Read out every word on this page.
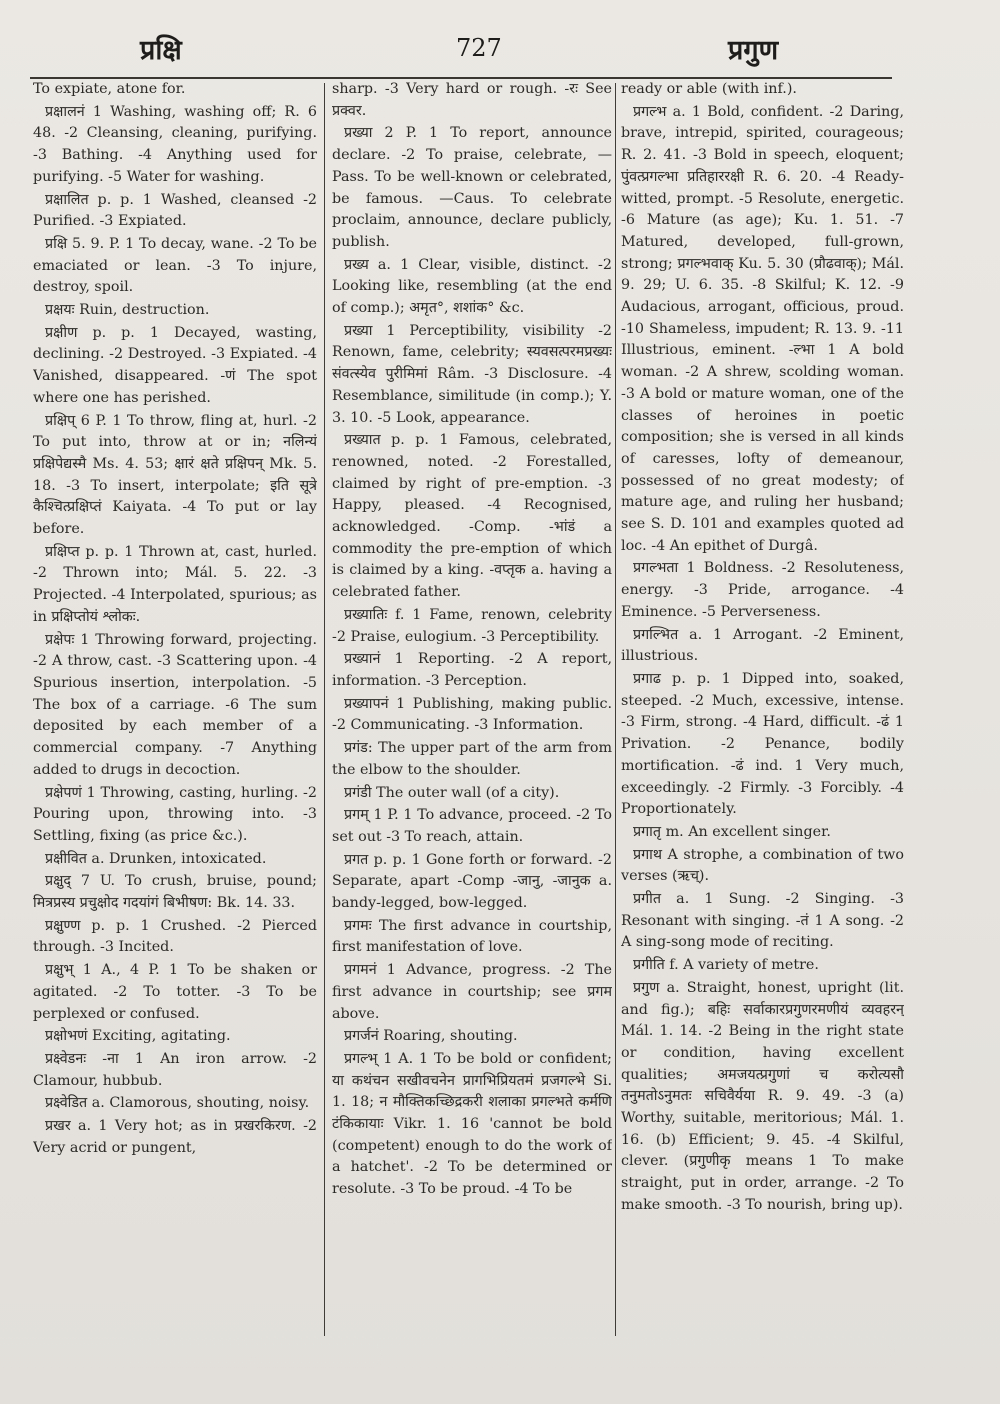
प्रक्षि	727	प्रगुण

To expiate, atone for.

प्रक्षालनं 1 Washing, washing off; R. 6 48. -2 Cleansing, cleaning, purifying. -3 Bathing. -4 Anything used for purifying. -5 Water for washing.

प्रक्षालित p. p. 1 Washed, cleansed -2 Purified. -3 Expiated.

प्रक्षि 5. 9. P. 1 To decay, wane. -2 To be emaciated or lean. -3 To injure, destroy, spoil.

प्रक्षयः Ruin, destruction.

प्रक्षीण p. p. 1 Decayed, wasting, declining. -2 Destroyed. -3 Expiated. -4 Vanished, disappeared. -णं The spot where one has perished.

प्रक्षिप् 6 P. 1 To throw, fling at, hurl. -2 To put into, throw at or in; नलिन्यं प्रक्षिपेद्यस्मै Ms. 4. 53; क्षारं क्षते प्रक्षिपन् Mk. 5. 18. -3 To insert, interpolate; इति सूत्रे कैश्चित्प्रक्षिप्तं Kaiyata. -4 To put or lay before.

प्रक्षिप्त p. p. 1 Thrown at, cast, hurled. -2 Thrown into; Mál. 5. 22. -3 Projected. -4 Interpolated, spurious; as in प्रक्षिप्तोयं श्लोकः.

प्रक्षेपः 1 Throwing forward, projecting. -2 A throw, cast. -3 Scattering upon. -4 Spurious insertion, interpolation. -5 The box of a carriage. -6 The sum deposited by each member of a commercial company. -7 Anything added to drugs in decoction.

प्रक्षेपणं 1 Throwing, casting, hurling. -2 Pouring upon, throwing into. -3 Settling, fixing (as price &c.).

प्रक्षीवित a. Drunken, intoxicated.

प्रक्षुद् 7 U. To crush, bruise, pound; मित्रप्रस्य प्रचुक्षोद गदयांगं बिभीषण: Bk. 14. 33.

प्रक्षुण्ण p. p. 1 Crushed. -2 Pierced through. -3 Incited.

प्रक्षुभ् 1 A., 4 P. 1 To be shaken or agitated. -2 To totter. -3 To be perplexed or confused.

प्रक्षोभणं Exciting, agitating.

प्रक्ष्वेडनः -ना 1 An iron arrow. -2 Clamour, hubbub.

प्रक्ष्वेडित a. Clamorous, shouting, noisy.

प्रखर a. 1 Very hot; as in प्रखरकिरण. -2 Very acrid or pungent,

sharp. -3 Very hard or rough. -रः See प्रक्वर.

प्रख्या 2 P. 1 To report, announce declare. -2 To praise, celebrate, —Pass. To be well-known or celebrated, be famous. —Caus. To celebrate proclaim, announce, declare publicly, publish.

प्रख्य a. 1 Clear, visible, distinct. -2 Looking like, resembling (at the end of comp.); अमृत°, शशांक° &c.

प्रख्या 1 Perceptibility, visibility -2 Renown, fame, celebrity; स्यवसत्परमप्रख्यः संवत्स्येव पुरीमिमां Râm. -3 Disclosure. -4 Resemblance, similitude (in comp.); Y. 3. 10. -5 Look, appearance.

प्रख्यात p. p. 1 Famous, celebrated, renowned, noted. -2 Forestalled, claimed by right of pre-emption. -3 Happy, pleased. -4 Recognised, acknowledged. -Comp. -भांडं a commodity the pre-emption of which is claimed by a king. -वप्तृक a. having a celebrated father.

प्रख्यातिः f. 1 Fame, renown, celebrity -2 Praise, eulogium. -3 Perceptibility.

प्रख्यानं 1 Reporting. -2 A report, information. -3 Perception.

प्रख्यापनं 1 Publishing, making public. -2 Communicating. -3 Information.

प्रगंड: The upper part of the arm from the elbow to the shoulder.

प्रगंडी The outer wall (of a city).

प्रगम् 1 P. 1 To advance, proceed. -2 To set out -3 To reach, attain.

प्रगत p. p. 1 Gone forth or forward. -2 Separate, apart -Comp -जानु, -जानुक a. bandy-legged, bow-legged.

प्रगमः The first advance in courtship, first manifestation of love.

प्रगमनं 1 Advance, progress. -2 The first advance in courtship; see प्रगम above.

प्रगर्जनं Roaring, shouting.

प्रगल्भ् 1 A. 1 To be bold or confident; या कथंचन सखीवचनेन प्रागभिप्रियतमं प्रजगल्भे Si. 1. 18; न मौक्तिकच्छिद्रकरी शलाका प्रगल्भते कर्मणि टंकिकायाः Vikr. 1. 16 'cannot be bold (competent) enough to do the work of a hatchet'. -2 To be determined or resolute. -3 To be proud. -4 To be

ready or able (with inf.).

प्रगल्भ a. 1 Bold, confident. -2 Daring, brave, intrepid, spirited, courageous; R. 2. 41. -3 Bold in speech, eloquent; पुंवत्प्रगल्भा प्रतिहाररक्षी R. 6. 20. -4 Ready-witted, prompt. -5 Resolute, energetic. -6 Mature (as age); Ku. 1. 51. -7 Matured, developed, full-grown, strong; प्रगल्भवाक् Ku. 5. 30 (प्रौढवाक्); Mál. 9. 29; U. 6. 35. -8 Skilful; K. 12. -9 Audacious, arrogant, officious, proud. -10 Shameless, impudent; R. 13. 9. -11 Illustrious, eminent. -ल्भा 1 A bold woman. -2 A shrew, scolding woman. -3 A bold or mature woman, one of the classes of heroines in poetic composition; she is versed in all kinds of caresses, lofty of demeanour, possessed of no great modesty; of mature age, and ruling her husband; see S. D. 101 and examples quoted ad loc. -4 An epithet of Durgâ.

प्रगल्भता 1 Boldness. -2 Resoluteness, energy. -3 Pride, arrogance. -4 Eminence. -5 Perverseness.

प्रगल्भित a. 1 Arrogant. -2 Eminent, illustrious.

प्रगाढ p. p. 1 Dipped into, soaked, steeped. -2 Much, excessive, intense. -3 Firm, strong. -4 Hard, difficult. -ढं 1 Privation. -2 Penance, bodily mortification. -ढं ind. 1 Very much, exceedingly. -2 Firmly. -3 Forcibly. -4 Proportionately.

प्रगातृ m. An excellent singer.

प्रगाथ A strophe, a combination of two verses (ऋच्).

प्रगीत a. 1 Sung. -2 Singing. -3 Resonant with singing. -तं 1 A song. -2 A sing-song mode of reciting.

प्रगीति f. A variety of metre.

प्रगुण a. Straight, honest, upright (lit. and fig.); बहिः सर्वाकारप्रगुणरमणीयं व्यवहरन् Mál. 1. 14. -2 Being in the right state or condition, having excellent qualities; अमजयत्प्रगुणां च करोत्यसौ तनुमतोऽनुमतः सचिवैर्यया R. 9. 49. -3 (a) Worthy, suitable, meritorious; Mál. 1. 16. (b) Efficient; 9. 45. -4 Skilful, clever. (प्रगुणीकृ means 1 To make straight, put in order, arrange. -2 To make smooth. -3 To nourish, bring up).
